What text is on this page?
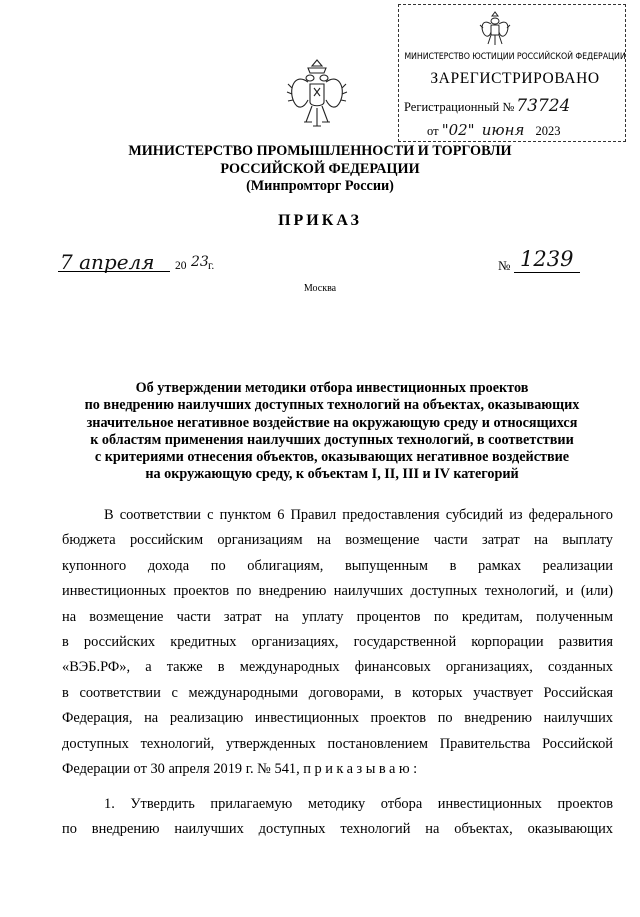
МИНИСТЕРСТВО ЮСТИЦИИ РОССИЙСКОЙ ФЕДЕРАЦИИ
ЗАРЕГИСТРИРОВАНО
Регистрационный № 73724
от "02" июня 2023
МИНИСТЕРСТВО ПРОМЫШЛЕННОСТИ И ТОРГОВЛИ
РОССИЙСКОЙ ФЕДЕРАЦИИ
(Минпромторг России)
ПРИКАЗ
7 апреля 20 23 г.	№ 1239
Москва
Об утверждении методики отбора инвестиционных проектов
по внедрению наилучших доступных технологий на объектах, оказывающих
значительное негативное воздействие на окружающую среду и относящихся
к областям применения наилучших доступных технологий, в соответствии
с критериями отнесения объектов, оказывающих негативное воздействие
на окружающую среду, к объектам I, II, III и IV категорий
В соответствии с пунктом 6 Правил предоставления субсидий из федерального
бюджета российским организациям на возмещение части затрат на выплату
купонного дохода по облигациям, выпущенным в рамках реализации
инвестиционных проектов по внедрению наилучших доступных технологий, и (или)
на возмещение части затрат на уплату процентов по кредитам, полученным
в российских кредитных организациях, государственной корпорации развития
«ВЭБ.РФ», а также в международных финансовых организациях, созданных
в соответствии с международными договорами, в которых участвует Российская
Федерация, на реализацию инвестиционных проектов по внедрению наилучших
доступных технологий, утвержденных постановлением Правительства Российской
Федерации от 30 апреля 2019 г. № 541, приказываю:
1. Утвердить прилагаемую методику отбора инвестиционных проектов
по внедрению наилучших доступных технологий на объектах, оказывающих
